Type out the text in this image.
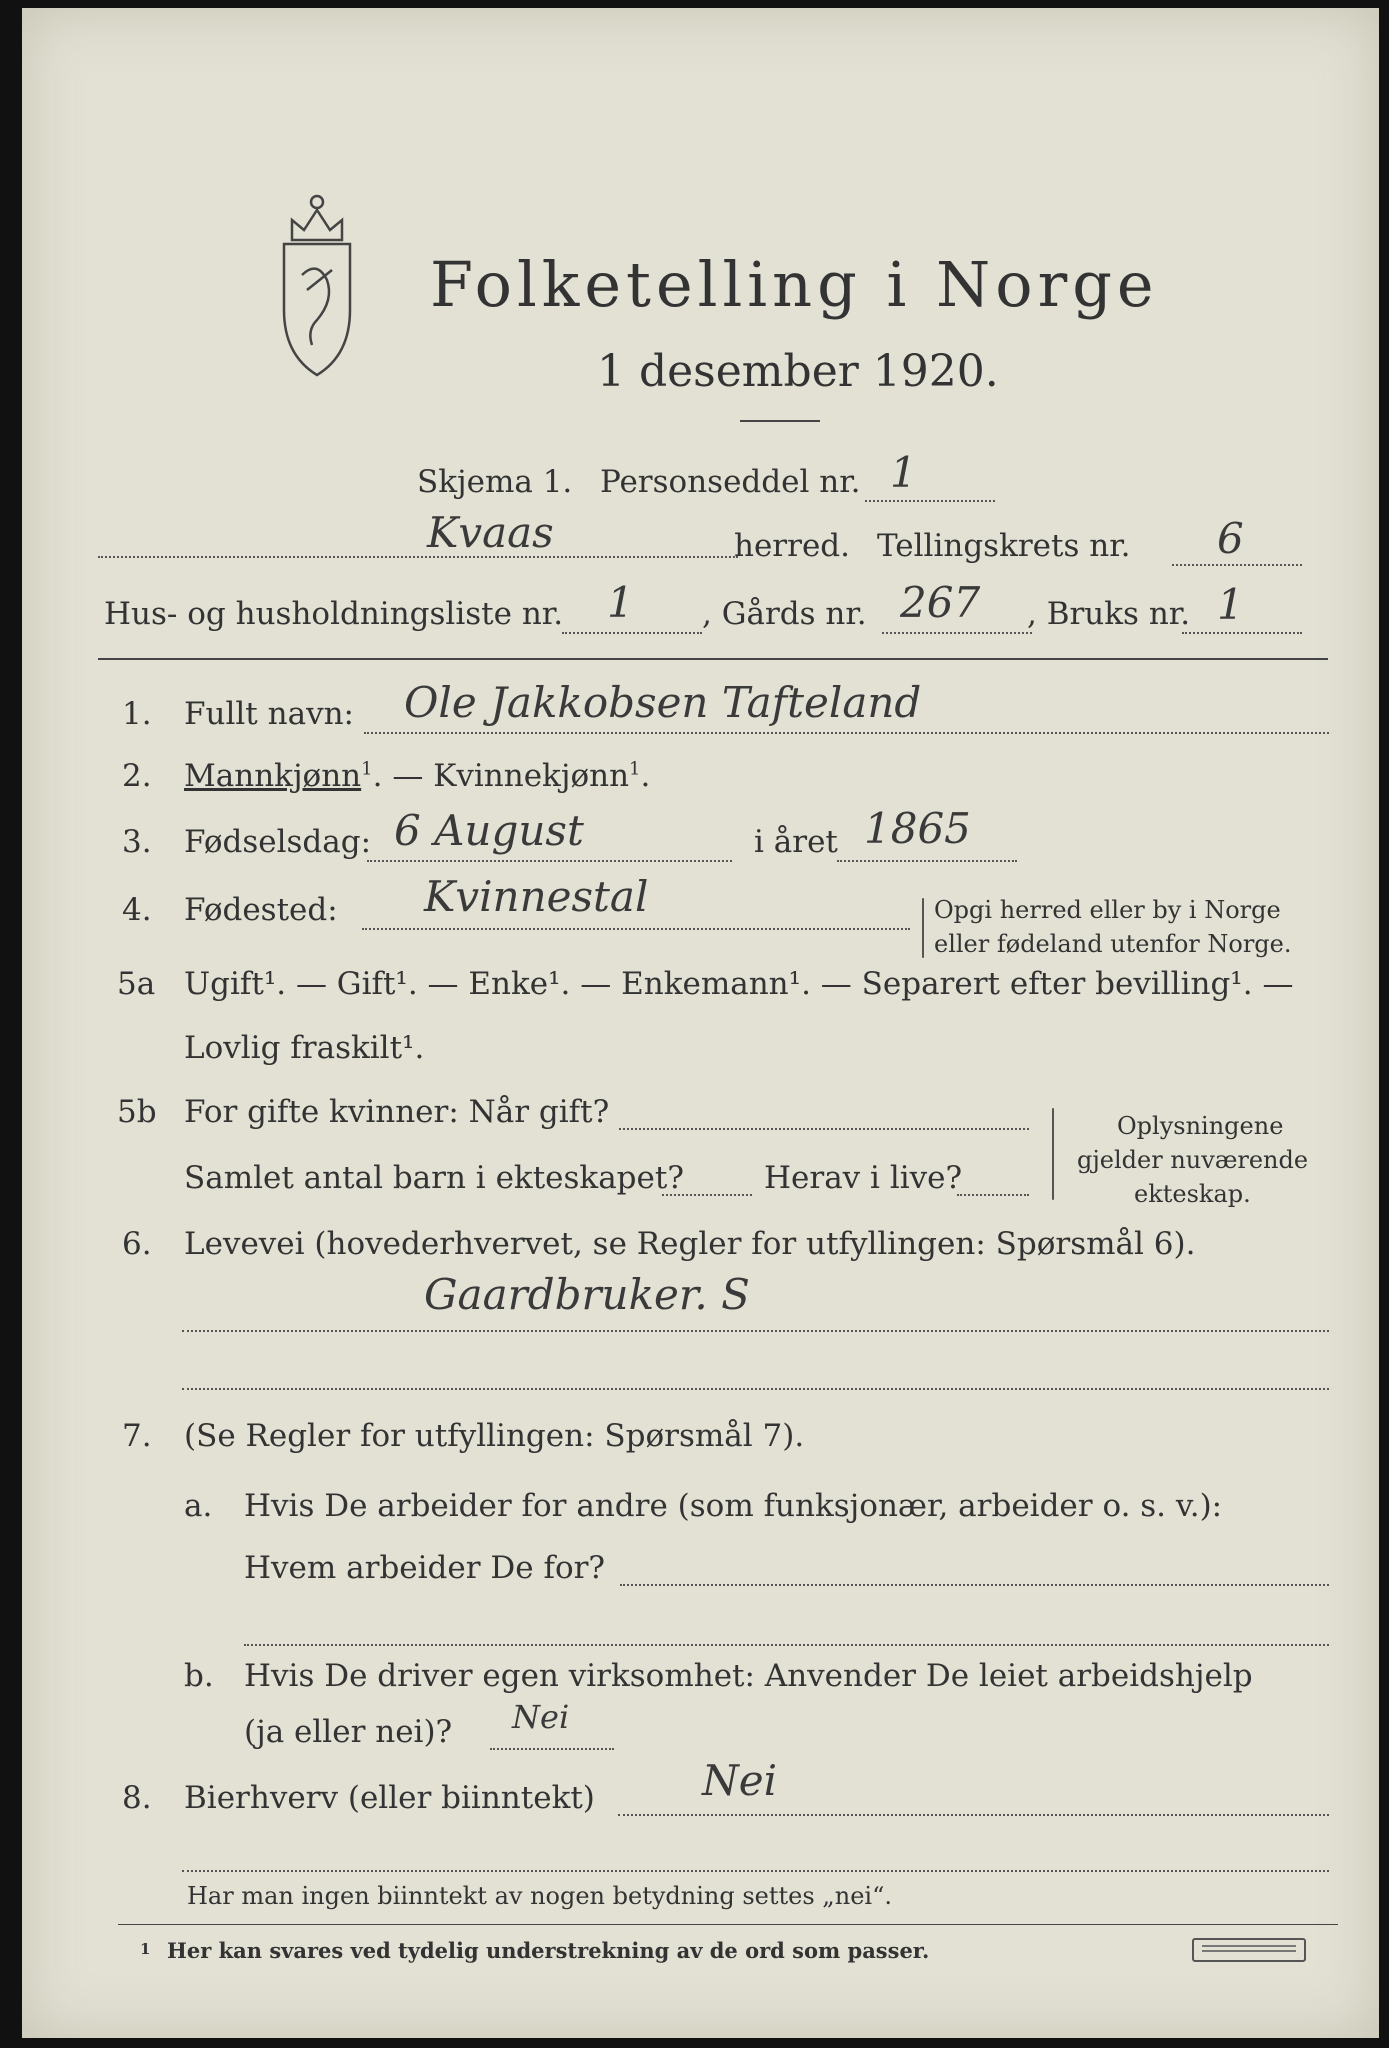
Folketelling i Norge
1 desember 1920.
Skjema 1. Personseddel nr. 1
Kvaas	herred. Tellingskrets nr. 6
Hus- og husholdningsliste nr. 1 , Gårds nr. 267 , Bruks nr. 1
1. Fullt navn: Ole Jakkobsen Tafteland
2. Mannkjønn$^1$. — Kvinnekjønn$^1$.
3. Fødselsdag: 6 August	i året 1865
4. Fødested: Kvinnestal	Opgi herred eller by i Norge
eller fødeland utenfor Norge.
5a Ugift¹. — Gift¹. — Enke¹. — Enkemann¹. — Separert efter bevilling¹. —
Lovlig fraskilt¹.
5b For gifte kvinner: Når gift?
Samlet antal barn i ekteskapet?	Herav i live?
Oplysningene
gjelder nuværende
ekteskap.
6. Levevei (hovederhvervet, se Regler for utfyllingen: Spørsmål 6).
Gaardbruker. S
7. (Se Regler for utfyllingen: Spørsmål 7).
a. Hvis De arbeider for andre (som funksjonær, arbeider o. s. v.):
Hvem arbeider De for?
b. Hvis De driver egen virksomhet: Anvender De leiet arbeidshjelp
(ja eller nei)? Nei
8. Bierhverv (eller biinntekt)	Nei
Har man ingen biinntekt av nogen betydning settes „nei“.
1 Her kan svares ved tydelig understrekning av de ord som passer.
